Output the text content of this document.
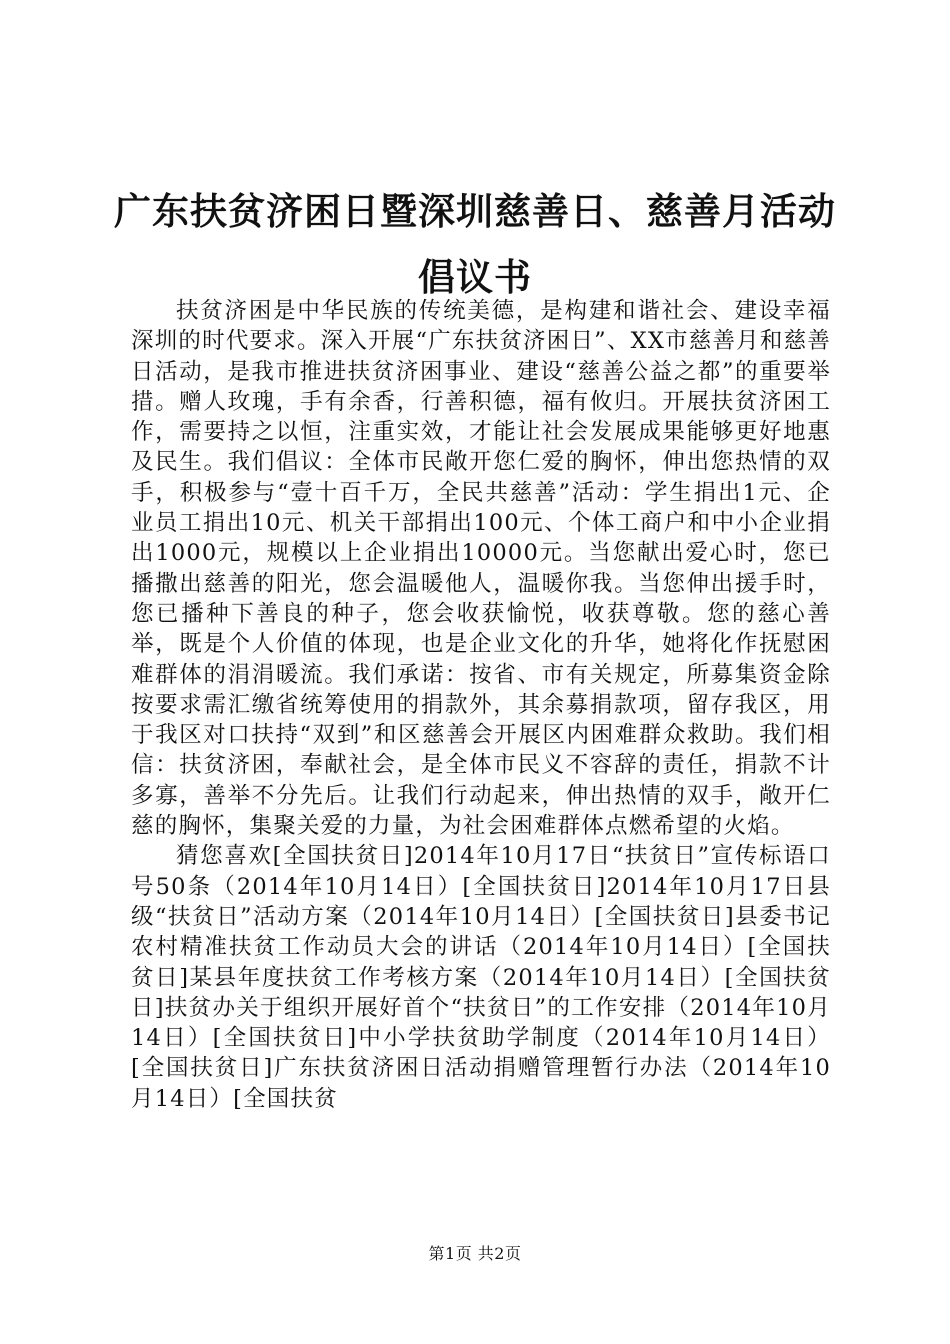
广东扶贫济困日暨深圳慈善日、慈善月活动倡议书

扶贫济困是中华民族的传统美德，是构建和谐社会、建设幸福深圳的时代要求。深入开展“广东扶贫济困日”、XX市慈善月和慈善日活动，是我市推进扶贫济困事业、建设“慈善公益之都”的重要举措。赠人玫瑰，手有余香，行善积德，福有攸归。开展扶贫济困工作，需要持之以恒，注重实效，才能让社会发展成果能够更好地惠及民生。我们倡议：全体市民敞开您仁爱的胸怀，伸出您热情的双手，积极参与“壹十百千万，全民共慈善”活动：学生捐出1元、企业员工捐出10元、机关干部捐出100元、个体工商户和中小企业捐出1000元，规模以上企业捐出10000元。当您献出爱心时，您已播撒出慈善的阳光，您会温暖他人，温暖你我。当您伸出援手时，您已播种下善良的种子，您会收获愉悦，收获尊敬。您的慈心善举，既是个人价值的体现，也是企业文化的升华，她将化作抚慰困难群体的涓涓暖流。我们承诺：按省、市有关规定，所募集资金除按要求需汇缴省统筹使用的捐款外，其余募捐款项，留存我区，用于我区对口扶持“双到”和区慈善会开展区内困难群众救助。我们相信：扶贫济困，奉献社会，是全体市民义不容辞的责任，捐款不计多寡，善举不分先后。让我们行动起来，伸出热情的双手，敞开仁慈的胸怀，集聚关爱的力量，为社会困难群体点燃希望的火焰。

猜您喜欢[全国扶贫日]2014年10月17日“扶贫日”宣传标语口号50条（2014年10月14日）[全国扶贫日]2014年10月17日县级“扶贫日”活动方案（2014年10月14日）[全国扶贫日]县委书记农村精准扶贫工作动员大会的讲话（2014年10月14日）[全国扶贫日]某县年度扶贫工作考核方案（2014年10月14日）[全国扶贫日]扶贫办关于组织开展好首个“扶贫日”的工作安排（2014年10月14日）[全国扶贫日]中小学扶贫助学制度（2014年10月14日）[全国扶贫日]广东扶贫济困日活动捐赠管理暂行办法（2014年10月14日）[全国扶贫

第1页 共2页
